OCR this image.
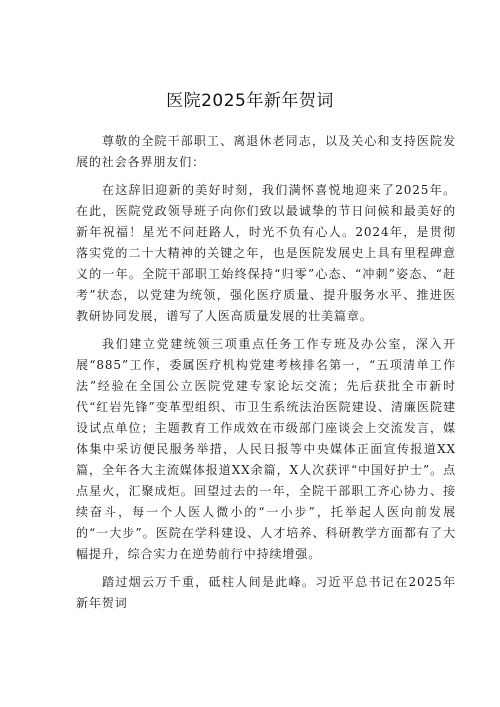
医院2025年新年贺词

尊敬的全院干部职工、离退休老同志，以及关心和支持医院发展的社会各界朋友们：

在这辞旧迎新的美好时刻，我们满怀喜悦地迎来了2025年。在此，医院党政领导班子向你们致以最诚挚的节日问候和最美好的新年祝福！星光不问赶路人，时光不负有心人。2024年，是贯彻落实党的二十大精神的关键之年，也是医院发展史上具有里程碑意义的一年。全院干部职工始终保持“归零”心态、“冲刺”姿态、“赶考”状态，以党建为统领，强化医疗质量、提升服务水平、推进医教研协同发展，谱写了人医高质量发展的壮美篇章。

我们建立党建统领三项重点任务工作专班及办公室，深入开展“885”工作，委属医疗机构党建考核排名第一，“五项清单工作法”经验在全国公立医院党建专家论坛交流；先后获批全市新时代“红岩先锋”变革型组织、市卫生系统法治医院建设、清廉医院建设试点单位；主题教育工作成效在市级部门座谈会上交流发言，媒体集中采访便民服务举措，人民日报等中央媒体正面宣传报道XX篇，全年各大主流媒体报道XX余篇，X人次获评“中国好护士”。点点星火，汇聚成炬。回望过去的一年，全院干部职工齐心协力、接续奋斗，每一个人医人微小的“一小步”，托举起人医向前发展的“一大步”。医院在学科建设、人才培养、科研教学方面都有了大幅提升，综合实力在逆势前行中持续增强。

踏过烟云万千重，砥柱人间是此峰。习近平总书记在2025年新年贺词
